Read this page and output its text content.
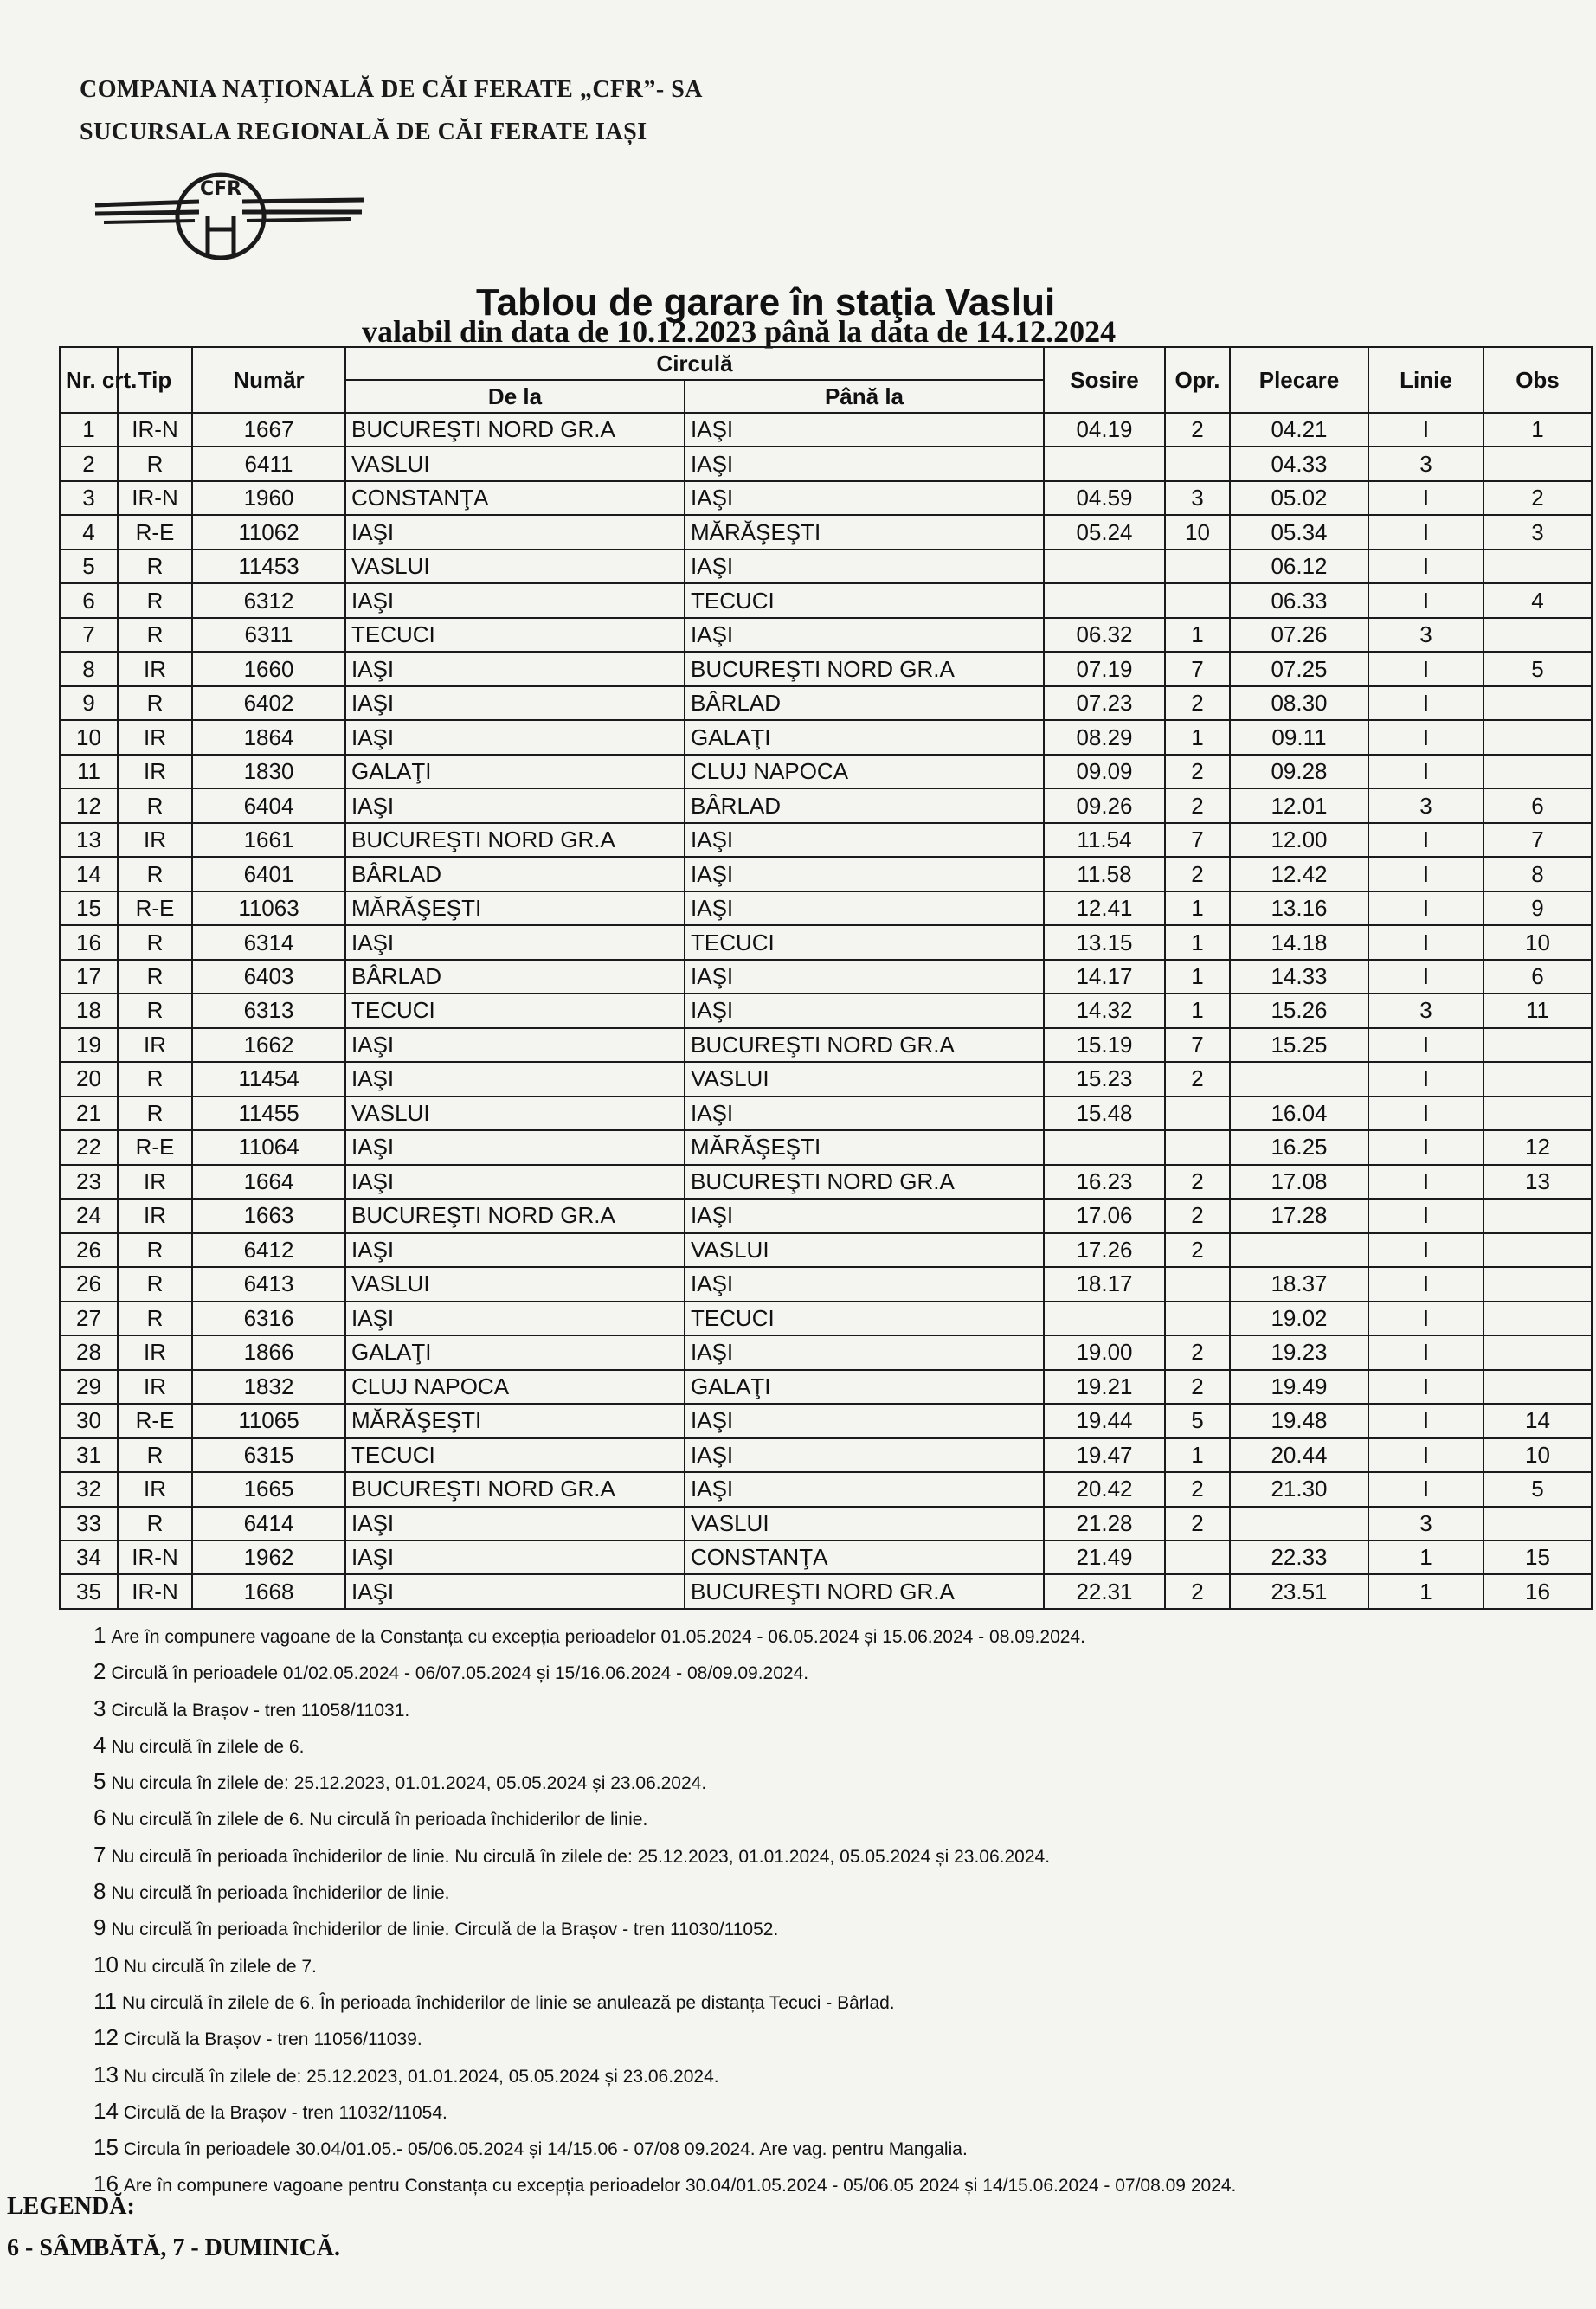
COMPANIA NAȚIONALĂ DE CĂI FERATE „CFR”- SA
SUCURSALA REGIONALĂ DE CĂI FERATE IAȘI
CFR
Tablou de garare în staţia Vaslui
valabil din data de 10.12.2023 până la data de 14.12.2024
Nr. crt.	Tip	Număr	Circulă		Sosire	Opr.	Plecare	Linie	Obs
			De la	Până la					
1	IR-N	1667	BUCUREŞTI NORD GR.A	IAŞI	04.19	2	04.21	I	1
2	R	6411	VASLUI	IAŞI			04.33	3	
3	IR-N	1960	CONSTANŢA	IAŞI	04.59	3	05.02	I	2
4	R-E	11062	IAŞI	MĂRĂŞEŞTI	05.24	10	05.34	I	3
5	R	11453	VASLUI	IAŞI			06.12	I	
6	R	6312	IAŞI	TECUCI			06.33	I	4
7	R	6311	TECUCI	IAŞI	06.32	1	07.26	3	
8	IR	1660	IAŞI	BUCUREŞTI NORD GR.A	07.19	7	07.25	I	5
9	R	6402	IAŞI	BÂRLAD	07.23	2	08.30	I	
10	IR	1864	IAŞI	GALAŢI	08.29	1	09.11	I	
11	IR	1830	GALAŢI	CLUJ NAPOCA	09.09	2	09.28	I	
12	R	6404	IAŞI	BÂRLAD	09.26	2	12.01	3	6
13	IR	1661	BUCUREŞTI NORD GR.A	IAŞI	11.54	7	12.00	I	7
14	R	6401	BÂRLAD	IAŞI	11.58	2	12.42	I	8
15	R-E	11063	MĂRĂŞEŞTI	IAŞI	12.41	1	13.16	I	9
16	R	6314	IAŞI	TECUCI	13.15	1	14.18	I	10
17	R	6403	BÂRLAD	IAŞI	14.17	1	14.33	I	6
18	R	6313	TECUCI	IAŞI	14.32	1	15.26	3	11
19	IR	1662	IAŞI	BUCUREŞTI NORD GR.A	15.19	7	15.25	I	
20	R	11454	IAŞI	VASLUI	15.23	2		I	
21	R	11455	VASLUI	IAŞI	15.48		16.04	I	
22	R-E	11064	IAŞI	MĂRĂŞEŞTI			16.25	I	12
23	IR	1664	IAŞI	BUCUREŞTI NORD GR.A	16.23	2	17.08	I	13
24	IR	1663	BUCUREŞTI NORD GR.A	IAŞI	17.06	2	17.28	I	
26	R	6412	IAŞI	VASLUI	17.26	2		I	
26	R	6413	VASLUI	IAŞI	18.17		18.37	I	
27	R	6316	IAŞI	TECUCI			19.02	I	
28	IR	1866	GALAŢI	IAŞI	19.00	2	19.23	I	
29	IR	1832	CLUJ NAPOCA	GALAŢI	19.21	2	19.49	I	
30	R-E	11065	MĂRĂŞEŞTI	IAŞI	19.44	5	19.48	I	14
31	R	6315	TECUCI	IAŞI	19.47	1	20.44	I	10
32	IR	1665	BUCUREŞTI NORD GR.A	IAŞI	20.42	2	21.30	I	5
33	R	6414	IAŞI	VASLUI	21.28	2		3	
34	IR-N	1962	IAŞI	CONSTANŢA	21.49		22.33	1	15
35	IR-N	1668	IAŞI	BUCUREŞTI NORD GR.A	22.31	2	23.51	1	16
1 Are în compunere vagoane de la Constanța cu excepția perioadelor 01.05.2024 - 06.05.2024 și 15.06.2024 - 08.09.2024.
2 Circulă în perioadele 01/02.05.2024 - 06/07.05.2024 și 15/16.06.2024 - 08/09.09.2024.
3 Circulă la Brașov - tren 11058/11031.
4 Nu circulă în zilele de 6.
5 Nu circula în zilele de: 25.12.2023, 01.01.2024, 05.05.2024 și 23.06.2024.
6 Nu circulă în zilele de 6. Nu circulă în perioada închiderilor de linie.
7 Nu circulă în perioada închiderilor de linie. Nu circulă în zilele de: 25.12.2023, 01.01.2024, 05.05.2024 și 23.06.2024.
8 Nu circulă în perioada închiderilor de linie.
9 Nu circulă în perioada închiderilor de linie. Circulă de la Brașov - tren 11030/11052.
10 Nu circulă în zilele de 7.
11 Nu circulă în zilele de 6. În perioada închiderilor de linie se anulează pe distanța Tecuci - Bârlad.
12 Circulă la Brașov - tren 11056/11039.
13 Nu circulă în zilele de: 25.12.2023, 01.01.2024, 05.05.2024 și 23.06.2024.
14 Circulă de la Brașov - tren 11032/11054.
15 Circula în perioadele 30.04/01.05.- 05/06.05.2024 și 14/15.06 - 07/08 09.2024. Are vag. pentru Mangalia.
16 Are în compunere vagoane pentru Constanța cu excepția perioadelor 30.04/01.05.2024 - 05/06.05 2024 și 14/15.06.2024 - 07/08.09 2024.
LEGENDĂ:
6 - SÂMBĂTĂ, 7 - DUMINICĂ.
